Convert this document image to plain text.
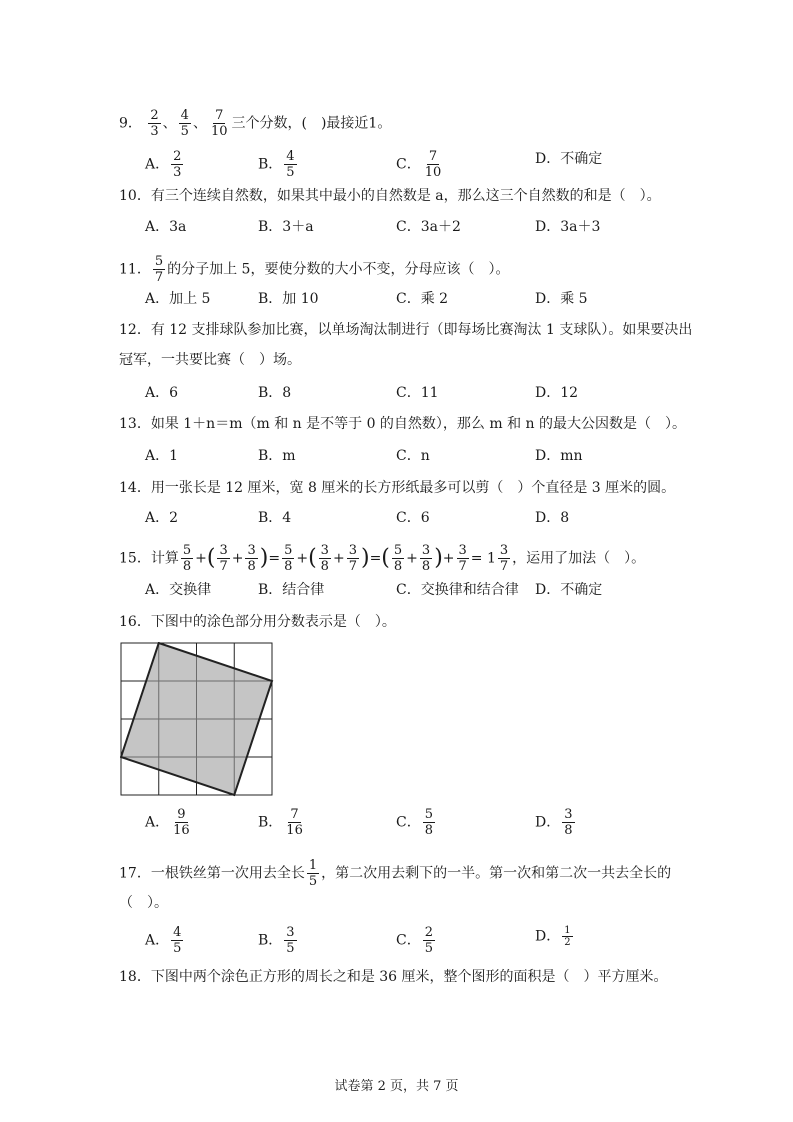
9． $\frac{2}{3}$ 、 $\frac{4}{5}$ 、 $\frac{7}{10}$ 三个分数，(　)最接近1。
A． $\frac{2}{3}$	B． $\frac{4}{5}$	C． $\frac{7}{10}$	D．不确定
10．有三个连续自然数，如果其中最小的自然数是 a，那么这三个自然数的和是（　）。
A．3a	B．3＋a	C．3a＋2	D．3a＋3
11． $\frac{5}{7}$ 的分子加上 5，要使分数的大小不变，分母应该（　）。
A．加上 5	B．加 10	C．乘 2	D．乘 5
12．有 12 支排球队参加比赛，以单场淘汰制进行（即每场比赛淘汰 1 支球队）。如果要决出
冠军，一共要比赛（　）场。
A．6	B．8	C．11	D．12
13．如果 1＋n＝m（m 和 n 是不等于 0 的自然数），那么 m 和 n 的最大公因数是（　）。
A．1	B．m	C．n	D．mn
14．用一张长是 12 厘米，宽 8 厘米的长方形纸最多可以剪（　）个直径是 3 厘米的圆。
A．2	B．4	C．6	D．8
15．计算 $\frac{5}{8}$ +( $\frac{3}{7} + \frac{3}{8}$ )= $\frac{5}{8}$ +( $\frac{3}{8} + \frac{3}{7}$ )=( $\frac{5}{8} + \frac{3}{8}$ )+ $\frac{3}{7} = 1 \frac{3}{7}$ ，运用了加法（　）。
A．交换律	B．结合律	C．交换律和结合律 D．不确定
16．下图中的涂色部分用分数表示是（　）。
A． $\frac{9}{16}$	B． $\frac{7}{16}$	C． $\frac{5}{8}$	D． $\frac{3}{8}$
17．一根铁丝第一次用去全长 $\frac{1}{5}$ ，第二次用去剩下的一半。第一次和第二次一共去全长的
（　）。
A． $\frac{4}{5}$	B． $\frac{3}{5}$	C． $\frac{2}{5}$	D． $\frac{1}{2}$
18．下图中两个涂色正方形的周长之和是 36 厘米，整个图形的面积是（　）平方厘米。
试卷第 2 页，共 7 页
